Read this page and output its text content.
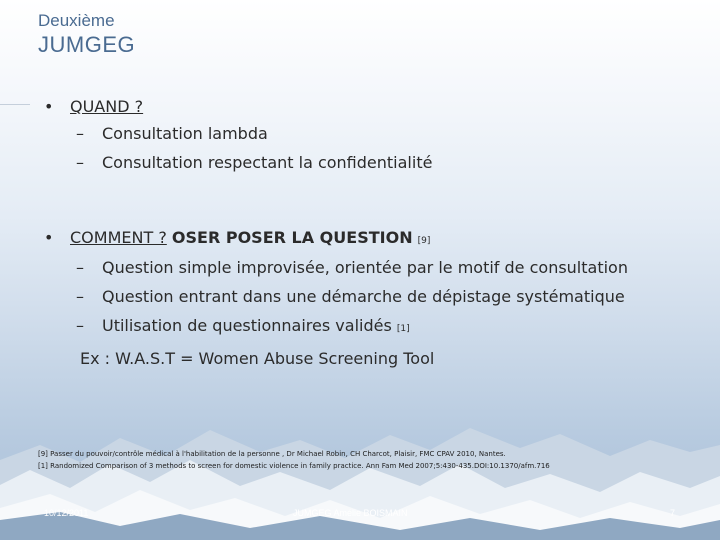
Deuxième
JUMGEG
• QUAND ?
– Consultation lambda
– Consultation respectant la confidentialité
• COMMENT ? OSER POSER LA QUESTION [9]
– Question simple improvisée, orientée par le motif de consultation
– Question entrant dans une démarche de dépistage systématique
– Utilisation de questionnaires validés [1]
Ex : W.A.S.T = Women Abuse Screening Tool
[9] Passer du pouvoir/contrôle médical à l'habilitation de la personne , Dr Michael Robin, CH Charcot, Plaisir, FMC CPAV 2010, Nantes.
[1] Randomized Comparison of 3 methods to screen for domestic violence in family practice. Ann Fam Med 2007;5:430-435.DOI:10.1370/afm.716
10/12/2011	JUMGEG Amélie BOISMAIN	7
